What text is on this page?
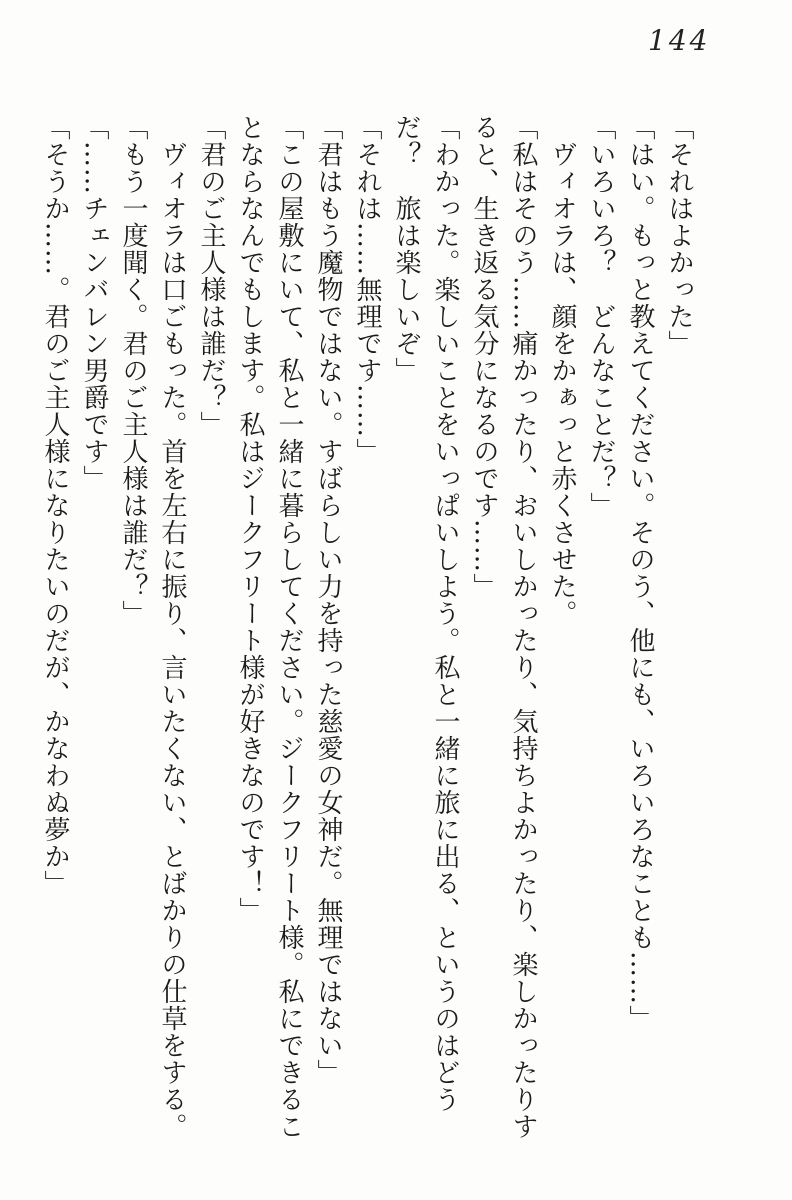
144

「それはよかった」

「はい。もっと教えてください。そのう、他にも、いろいろなことも……」

「いろいろ？　どんなことだ？」

　ヴィオラは、顔をかぁっと赤くさせた。

「私はそのう……痛かったり、おいしかったり、気持ちよかったり、楽しかったりす

ると、生き返る気分になるのです……」

「わかった。楽しいことをいっぱいしよう。私と一緒に旅に出る、というのはどう

だ？　旅は楽しいぞ」

「それは……無理です……」

「君はもう魔物ではない。すばらしい力を持った慈愛の女神だ。無理ではない」

「この屋敷にいて、私と一緒に暮らしてください。ジークフリート様。私にできるこ

とならなんでもします。私はジークフリート様が好きなのです！」

「君のご主人様は誰だ？」

　ヴィオラは口ごもった。首を左右に振り、言いたくない、とばかりの仕草をする。

「もう一度聞く。君のご主人様は誰だ？」

「……チェンバレン男爵です」

「そうか……。君のご主人様になりたいのだが、かなわぬ夢か」
